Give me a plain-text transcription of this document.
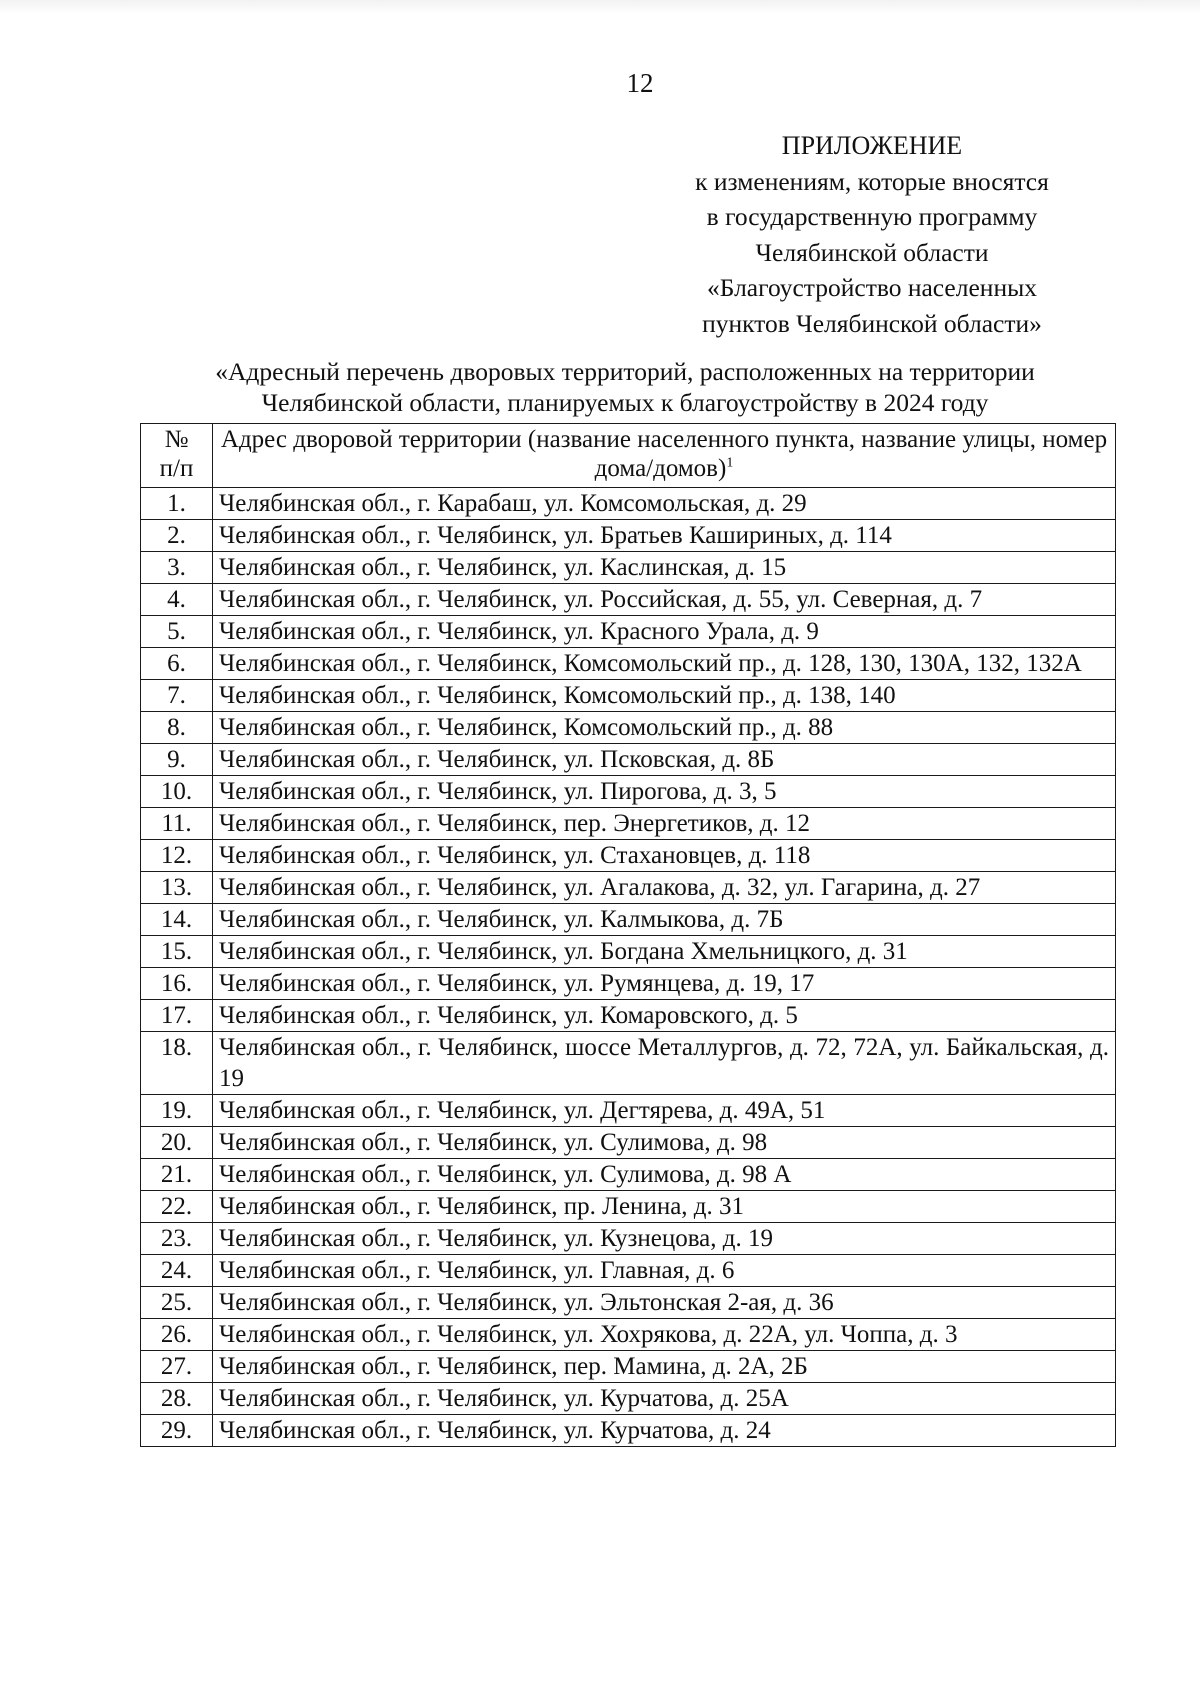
12
ПРИЛОЖЕНИЕ
к изменениям, которые вносятся
в государственную программу
Челябинской области
«Благоустройство населенных
пунктов Челябинской области»
«Адресный перечень дворовых территорий, расположенных на территории
Челябинской области, планируемых к благоустройству в 2024 году
№
п/п	Адрес дворовой территории (название населенного пункта, название улицы, номер дома/домов)$^1$
1.	Челябинская обл., г. Карабаш, ул. Комсомольская, д. 29
2.	Челябинская обл., г. Челябинск, ул. Братьев Кашириных, д. 114
3.	Челябинская обл., г. Челябинск, ул. Каслинская, д. 15
4.	Челябинская обл., г. Челябинск, ул. Российская, д. 55, ул. Северная, д. 7
5.	Челябинская обл., г. Челябинск, ул. Красного Урала, д. 9
6.	Челябинская обл., г. Челябинск, Комсомольский пр., д. 128, 130, 130А, 132, 132А
7.	Челябинская обл., г. Челябинск, Комсомольский пр., д. 138, 140
8.	Челябинская обл., г. Челябинск, Комсомольский пр., д. 88
9.	Челябинская обл., г. Челябинск, ул. Псковская, д. 8Б
10.	Челябинская обл., г. Челябинск, ул. Пирогова, д. 3, 5
11.	Челябинская обл., г. Челябинск, пер. Энергетиков, д. 12
12.	Челябинская обл., г. Челябинск, ул. Стахановцев, д. 118
13.	Челябинская обл., г. Челябинск, ул. Агалакова, д. 32, ул. Гагарина, д. 27
14.	Челябинская обл., г. Челябинск, ул. Калмыкова, д. 7Б
15.	Челябинская обл., г. Челябинск, ул. Богдана Хмельницкого, д. 31
16.	Челябинская обл., г. Челябинск, ул. Румянцева, д. 19, 17
17.	Челябинская обл., г. Челябинск, ул. Комаровского, д. 5
18.	Челябинская обл., г. Челябинск, шоссе Металлургов, д. 72, 72А, ул. Байкальская, д. 19
19.	Челябинская обл., г. Челябинск, ул. Дегтярева, д. 49А, 51
20.	Челябинская обл., г. Челябинск, ул. Сулимова, д. 98
21.	Челябинская обл., г. Челябинск, ул. Сулимова, д. 98 А
22.	Челябинская обл., г. Челябинск, пр. Ленина, д. 31
23.	Челябинская обл., г. Челябинск, ул. Кузнецова, д. 19
24.	Челябинская обл., г. Челябинск, ул. Главная, д. 6
25.	Челябинская обл., г. Челябинск, ул. Эльтонская 2-ая, д. 36
26.	Челябинская обл., г. Челябинск, ул. Хохрякова, д. 22А, ул. Чоппа, д. 3
27.	Челябинская обл., г. Челябинск, пер. Мамина, д. 2А, 2Б
28.	Челябинская обл., г. Челябинск, ул. Курчатова, д. 25А
29.	Челябинская обл., г. Челябинск, ул. Курчатова, д. 24
